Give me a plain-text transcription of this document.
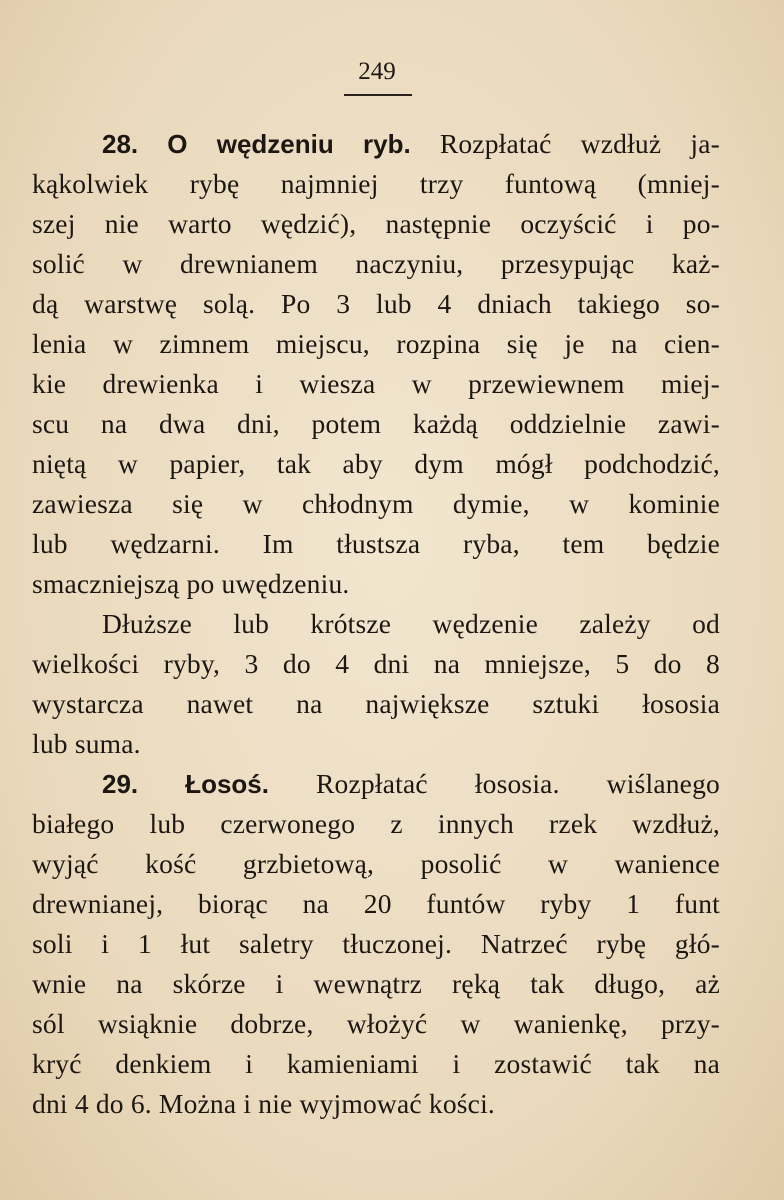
249
28. O wędzeniu ryb. Rozpłatać wzdłuż ja-
kąkolwiek rybę najmniej trzy funtową (mniej-
szej nie warto wędzić), następnie oczyścić i po-
solić w drewnianem naczyniu, przesypując każ-
dą warstwę solą. Po 3 lub 4 dniach takiego so-
lenia w zimnem miejscu, rozpina się je na cien-
kie drewienka i wiesza w przewiewnem miej-
scu na dwa dni, potem każdą oddzielnie zawi-
niętą w papier, tak aby dym mógł podchodzić,
zawiesza się w chłodnym dymie, w kominie
lub wędzarni. Im tłustsza ryba, tem będzie
smaczniejszą po uwędzeniu.
Dłuższe lub krótsze wędzenie zależy od
wielkości ryby, 3 do 4 dni na mniejsze, 5 do 8
wystarcza nawet na największe sztuki łososia
lub suma.
29. Łosoś. Rozpłatać łososia. wiślanego
białego lub czerwonego z innych rzek wzdłuż,
wyjąć kość grzbietową, posolić w wanience
drewnianej, biorąc na 20 funtów ryby 1 funt
soli i 1 łut saletry tłuczonej. Natrzeć rybę głó-
wnie na skórze i wewnątrz ręką tak długo, aż
sól wsiąknie dobrze, włożyć w wanienkę, przy-
kryć denkiem i kamieniami i zostawić tak na
dni 4 do 6. Można i nie wyjmować kości.
